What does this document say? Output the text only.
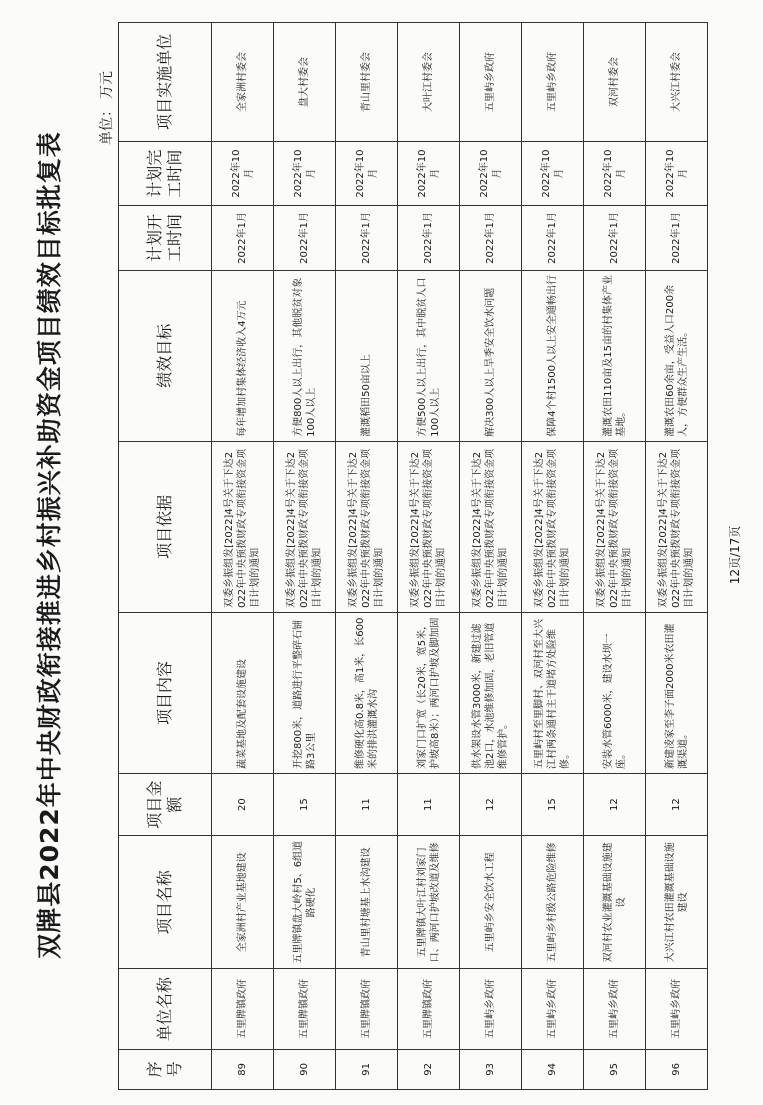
双牌县2022年中央财政衔接推进乡村振兴补助资金项目绩效目标批复表
单位：万元
序号	单位名称	项目名称	项目金额	项目内容	项目依据	绩效目标	计划开工时间	计划完工时间	项目实施单位
89	五里牌镇政府	全家洲村产业基地建设	20	蔬菜基地及配套设施建设	双委乡振组发[2022]4号关于下达2022年中央预拨财政专项衔接资金项目计划的通知	每年增加村集体经济收入4万元	2022年1月	2022年10月	全家洲村委会
90	五里牌镇政府	五里牌镇盘大岭村5、6组道路硬化	15	开挖800米，道路进行平整碎石铺路3公里	双委乡振组发[2022]4号关于下达2022年中央预拨财政专项衔接资金项目计划的通知	方便800人以上出行，其他脱贫对象100人以上	2022年1月	2022年10月	盘大村委会
91	五里牌镇政府	青山里村塘基上水沟建设	11	维修硬化高0.8米，高1米，长600米的排洪灌溉水沟	双委乡振组发[2022]4号关于下达2022年中央预拨财政专项衔接资金项目计划的通知	灌溉稻田50亩以上	2022年1月	2022年10月	青山里村委会
92	五里牌镇政府	五里牌镇大叶江村刘家门口、两河口护坡改道及维修	11	刘家门口扩宽（长20米，宽5米，护坡高8米）；两河口护坡及脚加固	双委乡振组发[2022]4号关于下达2022年中央预拨财政专项衔接资金项目计划的通知	方便500人以上出行，其中脱贫人口100人以上	2022年1月	2022年10月	大叶江村委会
93	五里屿乡政府	五里屿乡安全饮水工程	12	供水架设水管3000米，新建过滤池2口，水池维修加固，老旧管道维修管护。	双委乡振组发[2022]4号关于下达2022年中央预拨财政专项衔接资金项目计划的通知	解决300人以上旱季安全饮水问题	2022年1月	2022年10月	五里屿乡政府
94	五里屿乡政府	五里屿乡村级公路危险维修	15	五里屿村至里脚村、双河村至大兴江村两条通村主干道堵方处险维修。	双委乡振组发[2022]4号关于下达2022年中央预拨财政专项衔接资金项目计划的通知	保障4个村1500人以上安全通畅出行	2022年1月	2022年10月	五里屿乡政府
95	五里屿乡政府	双河村农业灌溉基础设施建设	12	安装水管6000米，建设水坝一座。	双委乡振组发[2022]4号关于下达2022年中央预拨财政专项衔接资金项目计划的通知	灌溉农田110亩及15亩的村集体产业基地。	2022年1月	2022年10月	双河村委会
96	五里屿乡政府	大兴江村农田灌溉基础设施建设	12	新建凌家至李子面2000米农田灌溉渠道。	双委乡振组发[2022]4号关于下达2022年中央预拨财政专项衔接资金项目计划的通知	灌溉农田60余亩，受益人口200余人，方便群众生产生活。	2022年1月	2022年10月	大兴江村委会
12页/17页
